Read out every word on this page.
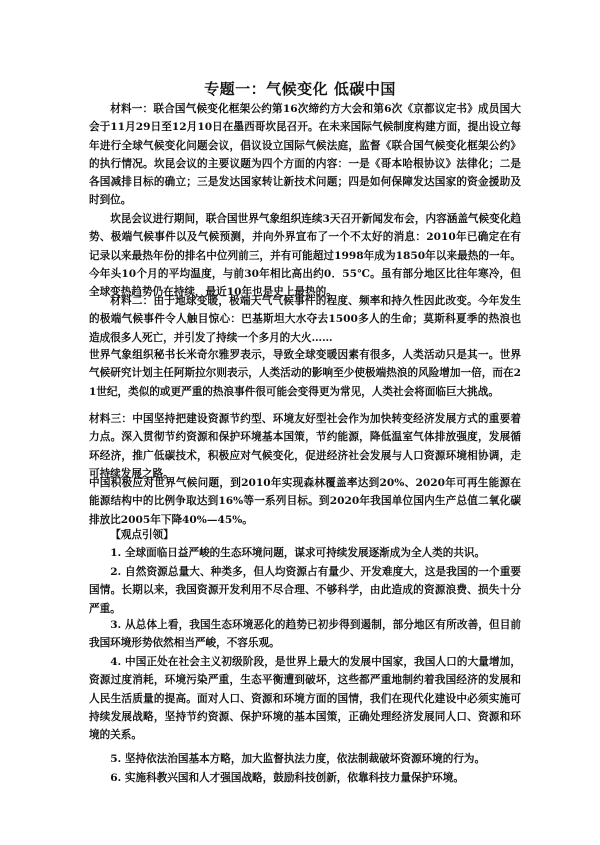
专题一：气候变化 低碳中国

材料一：联合国气候变化框架公约第16次缔约方大会和第6次《京都议定书》成员国大会于11月29日至12月10日在墨西哥坎昆召开。在未来国际气候制度构建方面，提出设立每年进行全球气候变化问题会议，倡议设立国际气候法庭，监督《联合国气候变化框架公约》的执行情况。坎昆会议的主要议题为四个方面的内容：一是《哥本哈根协议》法律化；二是各国减排目标的确立；三是发达国家转让新技术问题；四是如何保障发达国家的资金援助及时到位。

坎昆会议进行期间，联合国世界气象组织连续3天召开新闻发布会，内容涵盖气候变化趋势、极端气候事件以及气候预测，并向外界宣布了一个不太好的消息：2010年已确定在有记录以来最热年份的排名中位列前三，并有可能超过1998年成为1850年以来最热的一年。今年头10个月的平均温度，与前30年相比高出约0．55℃。虽有部分地区比往年寒冷，但全球变热趋势仍在持续，最近10年也是史上最热的。

材料二：由于地球变暖，极端天气气候事件的程度、频率和持久性因此改变。今年发生的极端气候事件令人触目惊心：巴基斯坦大水夺去1500多人的生命；莫斯科夏季的热浪也造成很多人死亡，并引发了持续一个多月的大火……

世界气象组织秘书长米奇尔雅罗表示，导致全球变暖因素有很多，人类活动只是其一。世界气候研究计划主任阿斯拉尔则表示，人类活动的影响至少使极端热浪的风险增加一倍，而在21世纪，类似的或更严重的热浪事件很可能会变得更为常见，人类社会将面临巨大挑战。

材料三：中国坚持把建设资源节约型、环境友好型社会作为加快转变经济发展方式的重要着力点。深入贯彻节约资源和保护环境基本国策，节约能源，降低温室气体排放强度，发展循环经济，推广低碳技术，积极应对气候变化，促进经济社会发展与人口资源环境相协调，走可持续发展之路。

中国积极应对世界气候问题，到2010年实现森林覆盖率达到20%、2020年可再生能源在能源结构中的比例争取达到16%等一系列目标。到2020年我国单位国内生产总值二氧化碳排放比2005年下降40%—45%。

【观点引领】

1. 全球面临日益严峻的生态环境问题，谋求可持续发展逐渐成为全人类的共识。

2. 自然资源总量大、种类多，但人均资源占有量少、开发难度大，这是我国的一个重要国情。长期以来，我国资源开发利用不尽合理、不够科学，由此造成的资源浪费、损失十分严重。

3. 从总体上看，我国生态环境恶化的趋势已初步得到遏制，部分地区有所改善，但目前我国环境形势依然相当严峻，不容乐观。

4. 中国正处在社会主义初级阶段，是世界上最大的发展中国家，我国人口的大量增加，资源过度消耗，环境污染严重，生态平衡遭到破坏，这些都严重地制约着我国经济的发展和人民生活质量的提高。面对人口、资源和环境方面的国情，我们在现代化建设中必须实施可持续发展战略，坚持节约资源、保护环境的基本国策，正确处理经济发展同人口、资源和环境的关系。

5. 坚持依法治国基本方略，加大监督执法力度，依法制裁破坏资源环境的行为。

6. 实施科教兴国和人才强国战略，鼓励科技创新，依靠科技力量保护环境。
